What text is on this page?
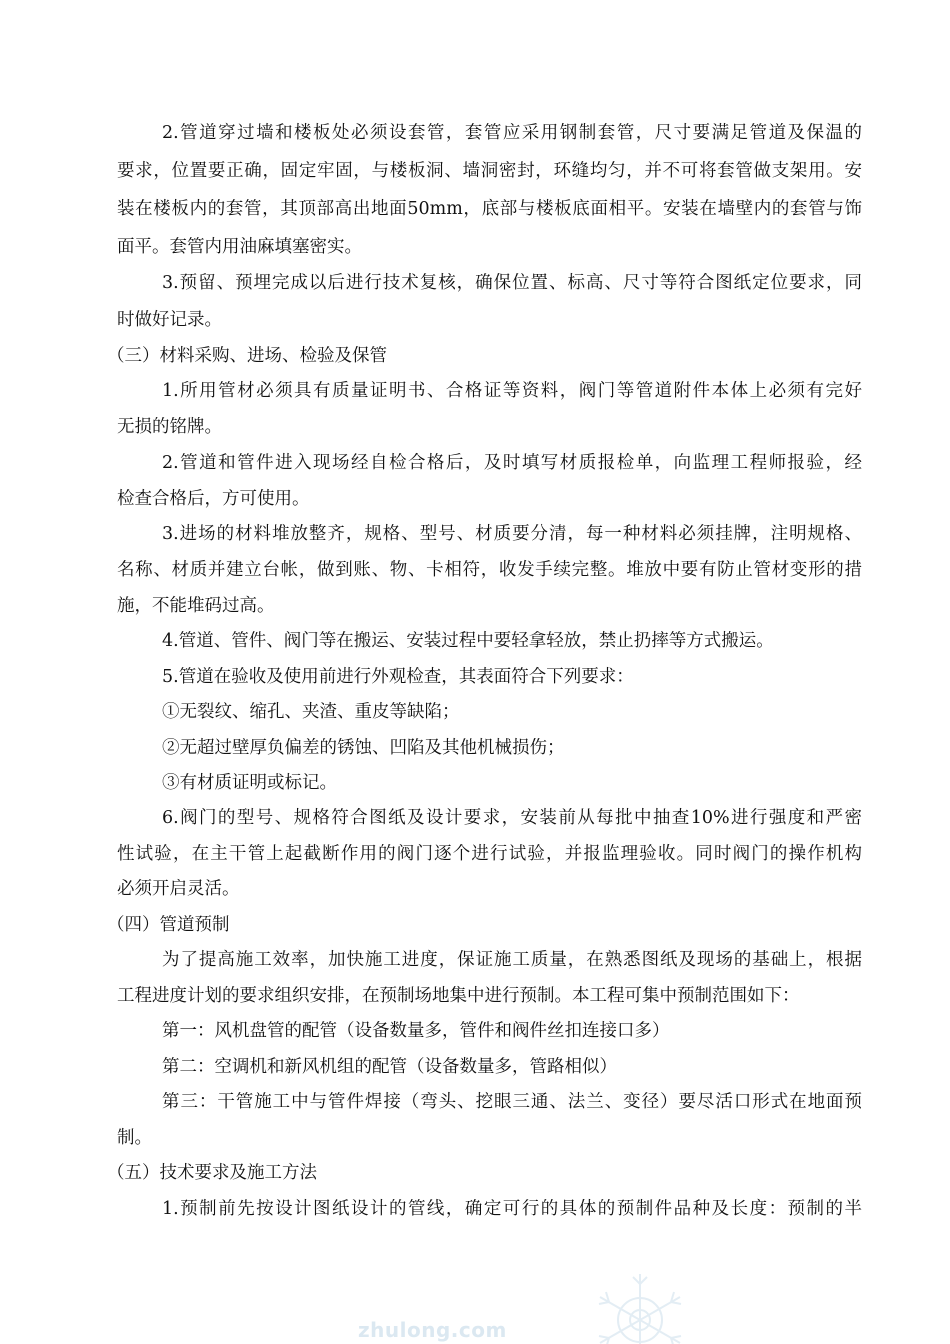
2.管道穿过墙和楼板处必须设套管，套管应采用钢制套管，尺寸要满足管道及保温的
要求，位置要正确，固定牢固，与楼板洞、墙洞密封，环缝均匀，并不可将套管做支架用。安
装在楼板内的套管，其顶部高出地面50mm，底部与楼板底面相平。安装在墙壁内的套管与饰
面平。套管内用油麻填塞密实。
3.预留、预埋完成以后进行技术复核，确保位置、标高、尺寸等符合图纸定位要求，同
时做好记录。
（三）材料采购、进场、检验及保管
1.所用管材必须具有质量证明书、合格证等资料，阀门等管道附件本体上必须有完好
无损的铭牌。
2.管道和管件进入现场经自检合格后，及时填写材质报检单，向监理工程师报验，经
检查合格后，方可使用。
3.进场的材料堆放整齐，规格、型号、材质要分清，每一种材料必须挂牌，注明规格、
名称、材质并建立台帐，做到账、物、卡相符，收发手续完整。堆放中要有防止管材变形的措
施，不能堆码过高。
4.管道、管件、阀门等在搬运、安装过程中要轻拿轻放，禁止扔摔等方式搬运。
5.管道在验收及使用前进行外观检查，其表面符合下列要求：
①无裂纹、缩孔、夹渣、重皮等缺陷；
②无超过壁厚负偏差的锈蚀、凹陷及其他机械损伤；
③有材质证明或标记。
6.阀门的型号、规格符合图纸及设计要求，安装前从每批中抽查10%进行强度和严密
性试验，在主干管上起截断作用的阀门逐个进行试验，并报监理验收。同时阀门的操作机构
必须开启灵活。
（四）管道预制
为了提高施工效率，加快施工进度，保证施工质量，在熟悉图纸及现场的基础上，根据
工程进度计划的要求组织安排，在预制场地集中进行预制。本工程可集中预制范围如下：
第一：风机盘管的配管（设备数量多，管件和阀件丝扣连接口多）
第二：空调机和新风机组的配管（设备数量多，管路相似）
第三：干管施工中与管件焊接（弯头、挖眼三通、法兰、变径）要尽活口形式在地面预
制。
（五）技术要求及施工方法
1.预制前先按设计图纸设计的管线，确定可行的具体的预制件品种及长度：预制的半
zhulong.com
